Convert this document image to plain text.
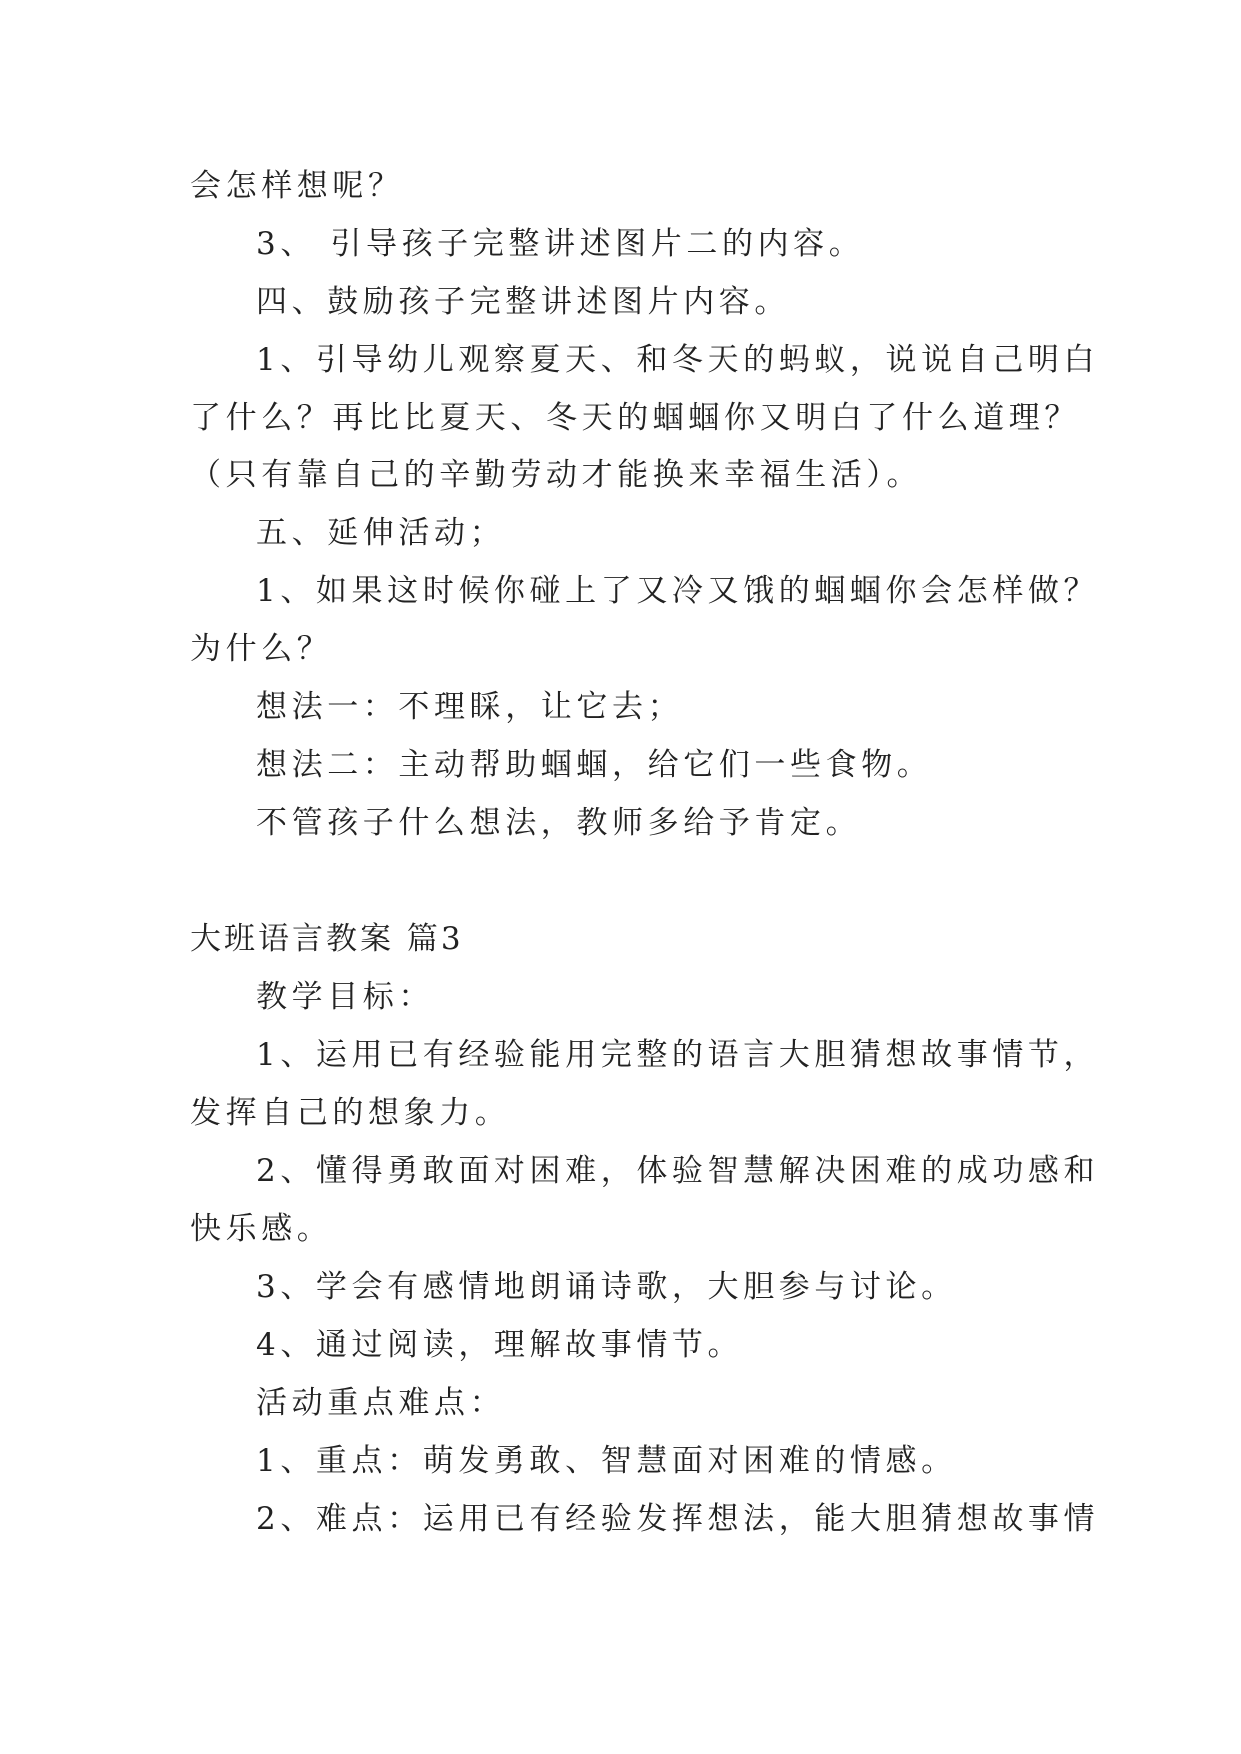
会怎样想呢？
3、 引导孩子完整讲述图片二的内容。
四、鼓励孩子完整讲述图片内容。
1、引导幼儿观察夏天、和冬天的蚂蚁，说说自己明白
了什么？再比比夏天、冬天的蝈蝈你又明白了什么道理？
（只有靠自己的辛勤劳动才能换来幸福生活）。
五、延伸活动；
1、如果这时候你碰上了又冷又饿的蝈蝈你会怎样做？
为什么？
想法一：不理睬，让它去；
想法二：主动帮助蝈蝈，给它们一些食物。
不管孩子什么想法，教师多给予肯定。
大班语言教案 篇3
教学目标：
1、运用已有经验能用完整的语言大胆猜想故事情节，
发挥自己的想象力。
2、懂得勇敢面对困难，体验智慧解决困难的成功感和
快乐感。
3、学会有感情地朗诵诗歌，大胆参与讨论。
4、通过阅读，理解故事情节。
活动重点难点：
1、重点：萌发勇敢、智慧面对困难的情感。
2、难点：运用已有经验发挥想法，能大胆猜想故事情
